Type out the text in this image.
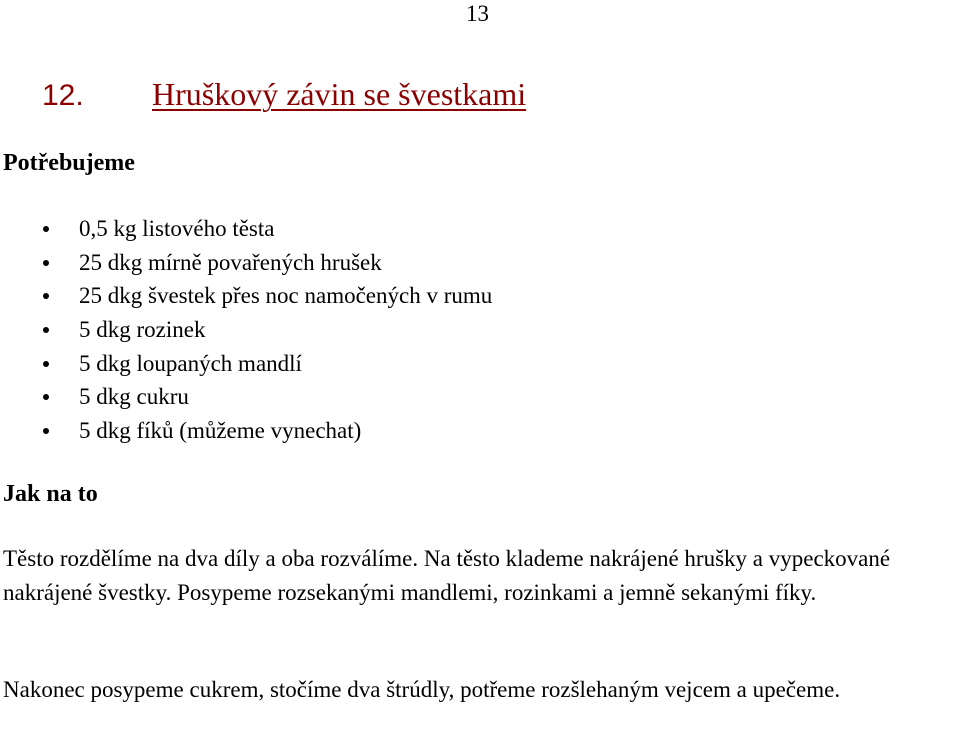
13
12. Hruškový závin se švestkami
Potřebujeme
0,5 kg listového těsta
25 dkg mírně povařených hrušek
25 dkg švestek přes noc namočených v rumu
5 dkg rozinek
5 dkg loupaných mandlí
5 dkg cukru
5 dkg fíků (můžeme vynechat)
Jak na to

Těsto rozdělíme na dva díly a oba rozválíme. Na těsto klademe nakrájené hrušky a vypeckované nakrájené švestky. Posypeme rozsekanými mandlemi, rozinkami a jemně sekanými fíky.

Nakonec posypeme cukrem, stočíme dva štrúdly, potřeme rozšlehaným vejcem a upečeme.
